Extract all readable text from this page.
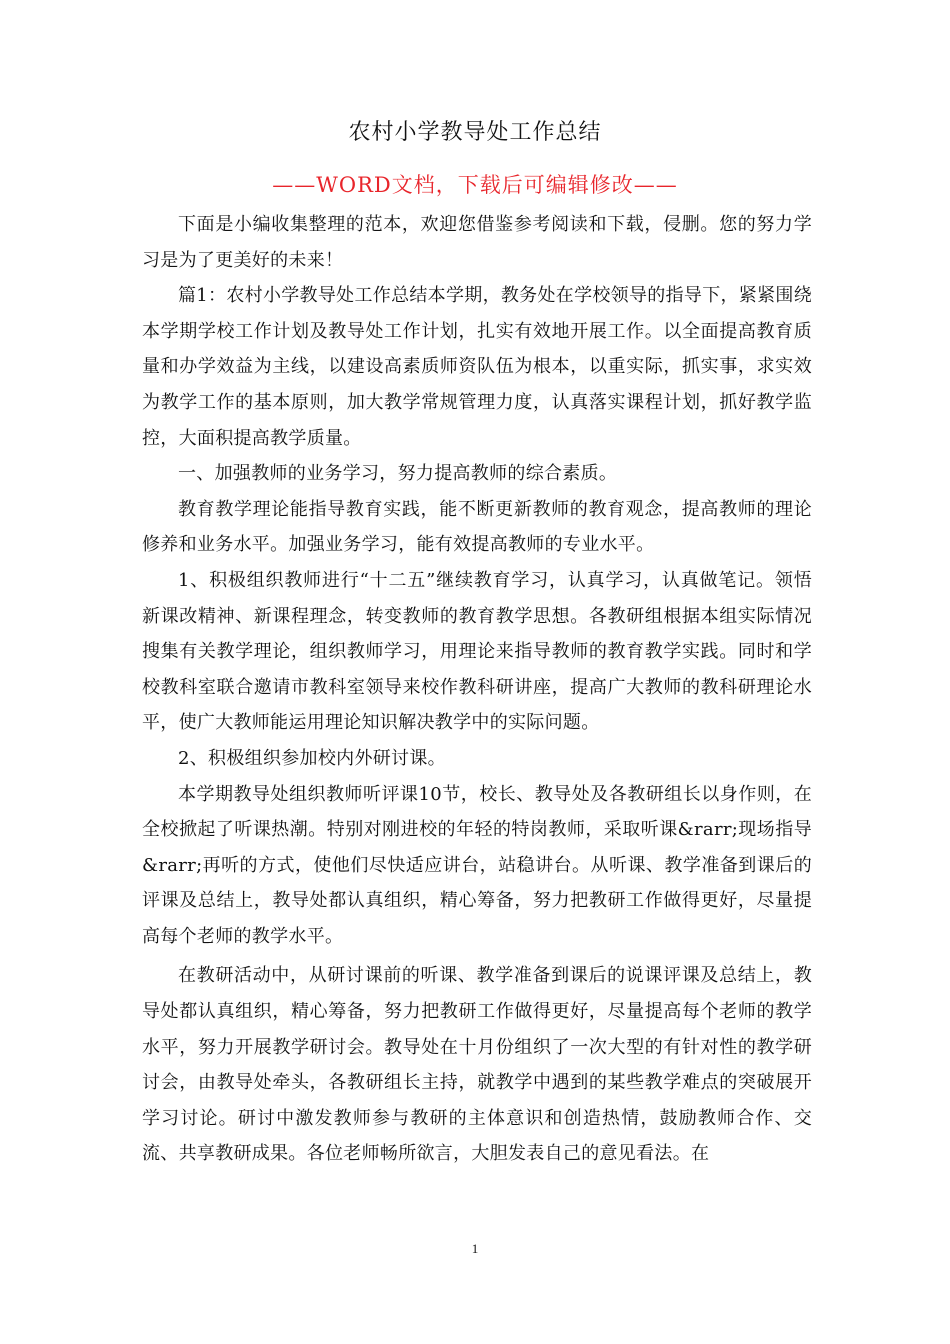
农村小学教导处工作总结
——WORD文档，下载后可编辑修改——

下面是小编收集整理的范本，欢迎您借鉴参考阅读和下载，侵删。您的努力学习是为了更美好的未来！

篇1：农村小学教导处工作总结本学期，教务处在学校领导的指导下，紧紧围绕本学期学校工作计划及教导处工作计划，扎实有效地开展工作。以全面提高教育质量和办学效益为主线，以建设高素质师资队伍为根本，以重实际，抓实事，求实效为教学工作的基本原则，加大教学常规管理力度，认真落实课程计划，抓好教学监控，大面积提高教学质量。

一、加强教师的业务学习，努力提高教师的综合素质。

教育教学理论能指导教育实践，能不断更新教师的教育观念，提高教师的理论修养和业务水平。加强业务学习，能有效提高教师的专业水平。

1、积极组织教师进行“十二五”继续教育学习，认真学习，认真做笔记。领悟新课改精神、新课程理念，转变教师的教育教学思想。各教研组根据本组实际情况搜集有关教学理论，组织教师学习，用理论来指导教师的教育教学实践。同时和学校教科室联合邀请市教科室领导来校作教科研讲座，提高广大教师的教科研理论水平，使广大教师能运用理论知识解决教学中的实际问题。

2、积极组织参加校内外研讨课。

本学期教导处组织教师听评课10节，校长、教导处及各教研组长以身作则，在全校掀起了听课热潮。特别对刚进校的年轻的特岗教师，采取听课&rarr;现场指导&rarr;再听的方式，使他们尽快适应讲台，站稳讲台。从听课、教学准备到课后的评课及总结上，教导处都认真组织，精心筹备，努力把教研工作做得更好，尽量提高每个老师的教学水平。

在教研活动中，从研讨课前的听课、教学准备到课后的说课评课及总结上，教导处都认真组织，精心筹备，努力把教研工作做得更好，尽量提高每个老师的教学水平，努力开展教学研讨会。教导处在十月份组织了一次大型的有针对性的教学研讨会，由教导处牵头，各教研组长主持，就教学中遇到的某些教学难点的突破展开学习讨论。研讨中激发教师参与教研的主体意识和创造热情，鼓励教师合作、交流、共享教研成果。各位老师畅所欲言，大胆发表自己的意见看法。在

1
